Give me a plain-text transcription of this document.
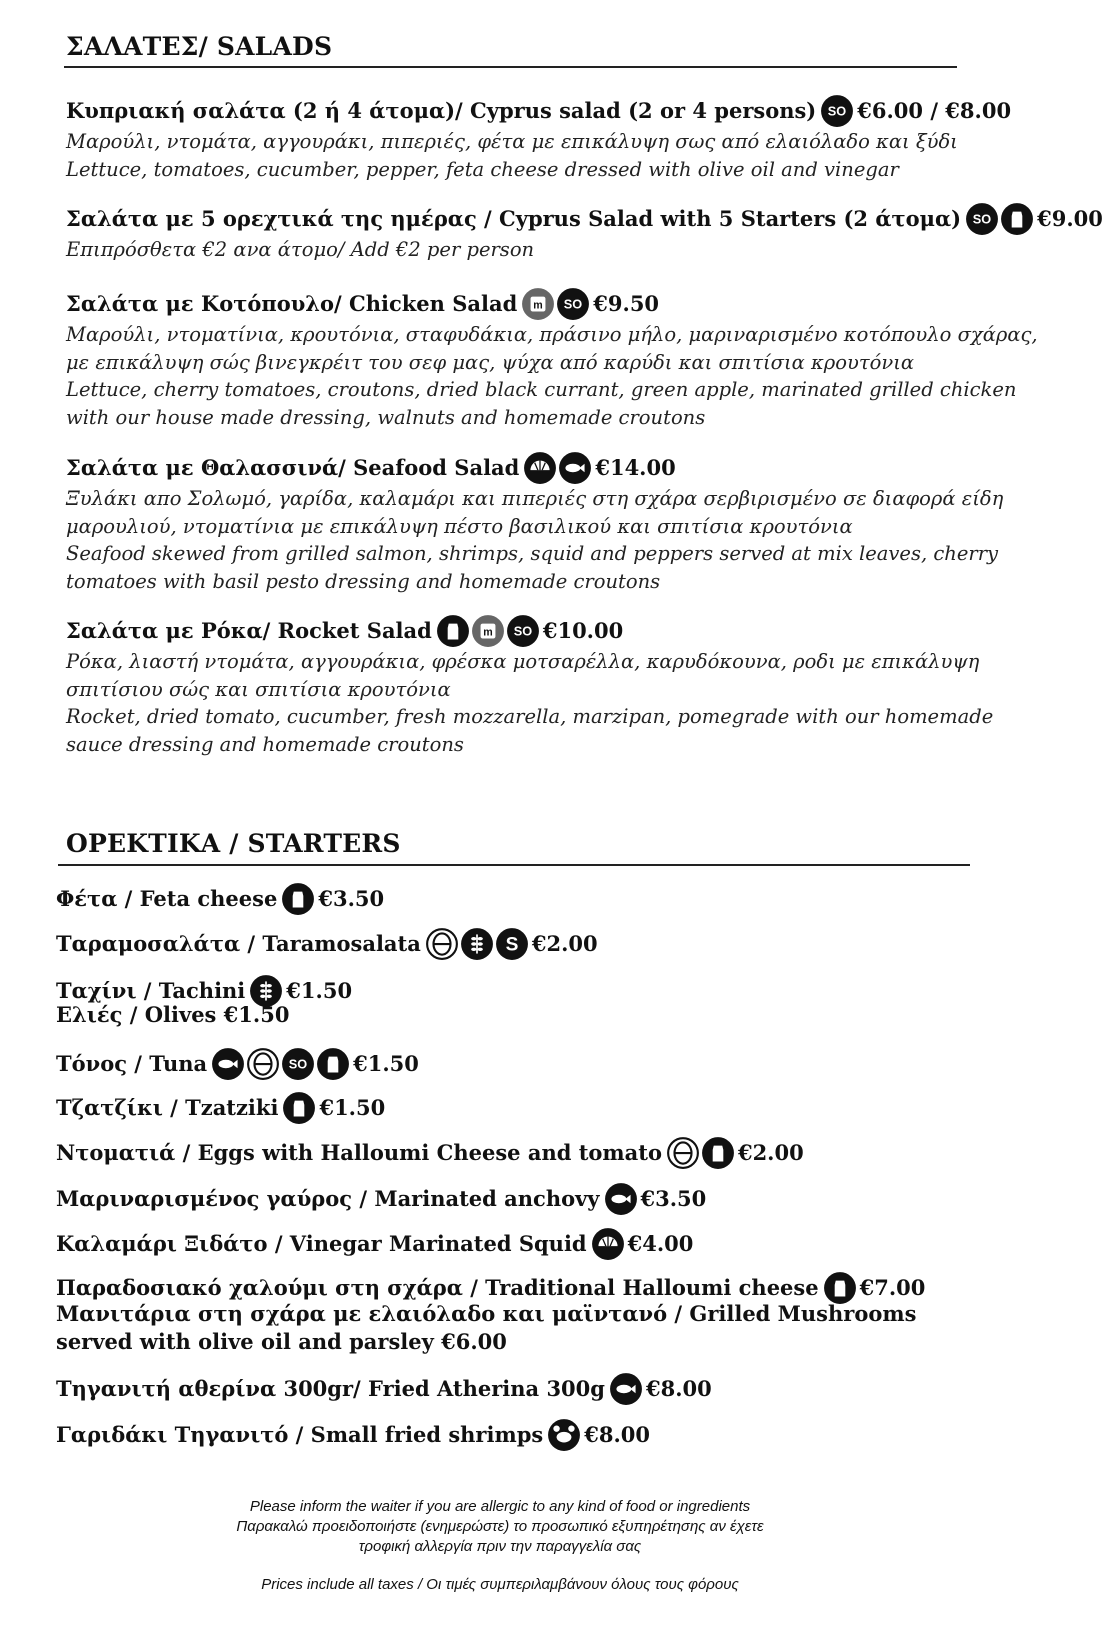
ΣΑΛΑΤΕΣ/ SALADS
Κυπριακή σαλάτα (2 ή 4 άτομα)/ Cyprus salad (2 or 4 persons) SO €6.00 / €8.00
Μαρούλι, ντομάτα, αγγουράκι, πιπεριές, φέτα με επικάλυψη σως από ελαιόλαδο και ξύδι
Lettuce, tomatoes, cucumber, pepper, feta cheese dressed with olive oil and vinegar
Σαλάτα με 5 ορεχτικά της ημέρας / Cyprus Salad with 5 Starters (2 άτομα) SO €9.00
Επιπρόσθετα €2 ανα άτομο/ Add €2 per person
Σαλάτα με Κοτόπουλο/ Chicken Salad m SO €9.50
Μαρούλι, ντοματίνια, κρουτόνια, σταφυδάκια, πράσινο μήλο, μαριναρισμένο κοτόπουλο σχάρας,
με επικάλυψη σώς βινεγκρέιτ του σεφ μας, ψύχα από καρύδι και σπιτίσια κρουτόνια
Lettuce, cherry tomatoes, croutons, dried black currant, green apple, marinated grilled chicken
with our house made dressing, walnuts and homemade croutons
Σαλάτα με Θαλασσινά/ Seafood Salad	€14.00
Ξυλάκι απο Σολωμό, γαρίδα, καλαμάρι και πιπεριές στη σχάρα σερβιρισμένο σε διαφορά είδη
μαρουλιού, ντοματίνια με επικάλυψη πέστο βασιλικού και σπιτίσια κρουτόνια
Seafood skewed from grilled salmon, shrimps, squid and peppers served at mix leaves, cherry
tomatoes with basil pesto dressing and homemade croutons
Σαλάτα με Ρόκα/ Rocket Salad	m SO €10.00
Ρόκα, λιαστή ντομάτα, αγγουράκια, φρέσκα μοτσαρέλλα, καρυδόκουνα, ροδι με επικάλυψη
σπιτίσιου σώς και σπιτίσια κρουτόνια
Rocket, dried tomato, cucumber, fresh mozzarella, marzipan, pomegrade with our homemade
sauce dressing and homemade croutons
ΟΡΕΚΤΙΚΑ / STARTERS
Φέτα / Feta cheese €3.50
Ταραμοσαλάτα / Taramosalata	S €2.00
Ταχίνι / Tachini €1.50
Ελιές / Olives €1.50
Τόνος / Tuna	SO €1.50
Τζατζίκι / Tzatziki €1.50
Ντοματιά / Eggs with Halloumi Cheese and tomato	€2.00
Μαριναρισμένος γαύρος / Marinated anchovy €3.50
Καλαμάρι Ξιδάτο / Vinegar Marinated Squid €4.00
Παραδοσιακό χαλούμι στη σχάρα / Traditional Halloumi cheese €7.00
Μανιτάρια στη σχάρα με ελαιόλαδο και μαϊντανό / Grilled Mushrooms served with olive oil and parsley €6.00
Τηγανιτή αθερίνα 300gr/ Fried Atherina 300g €8.00
Γαριδάκι Τηγανιτό / Small fried shrimps €8.00
Please inform the waiter if you are allergic to any kind of food or ingredients
Παρακαλώ προειδοποιήστε (ενημερώστε) το προσωπικό εξυπηρέτησης αν έχετε
τροφική αλλεργία πριν την παραγγελία σας
Prices include all taxes / Οι τιμές συμπεριλαμβάνουν όλους τους φόρους
